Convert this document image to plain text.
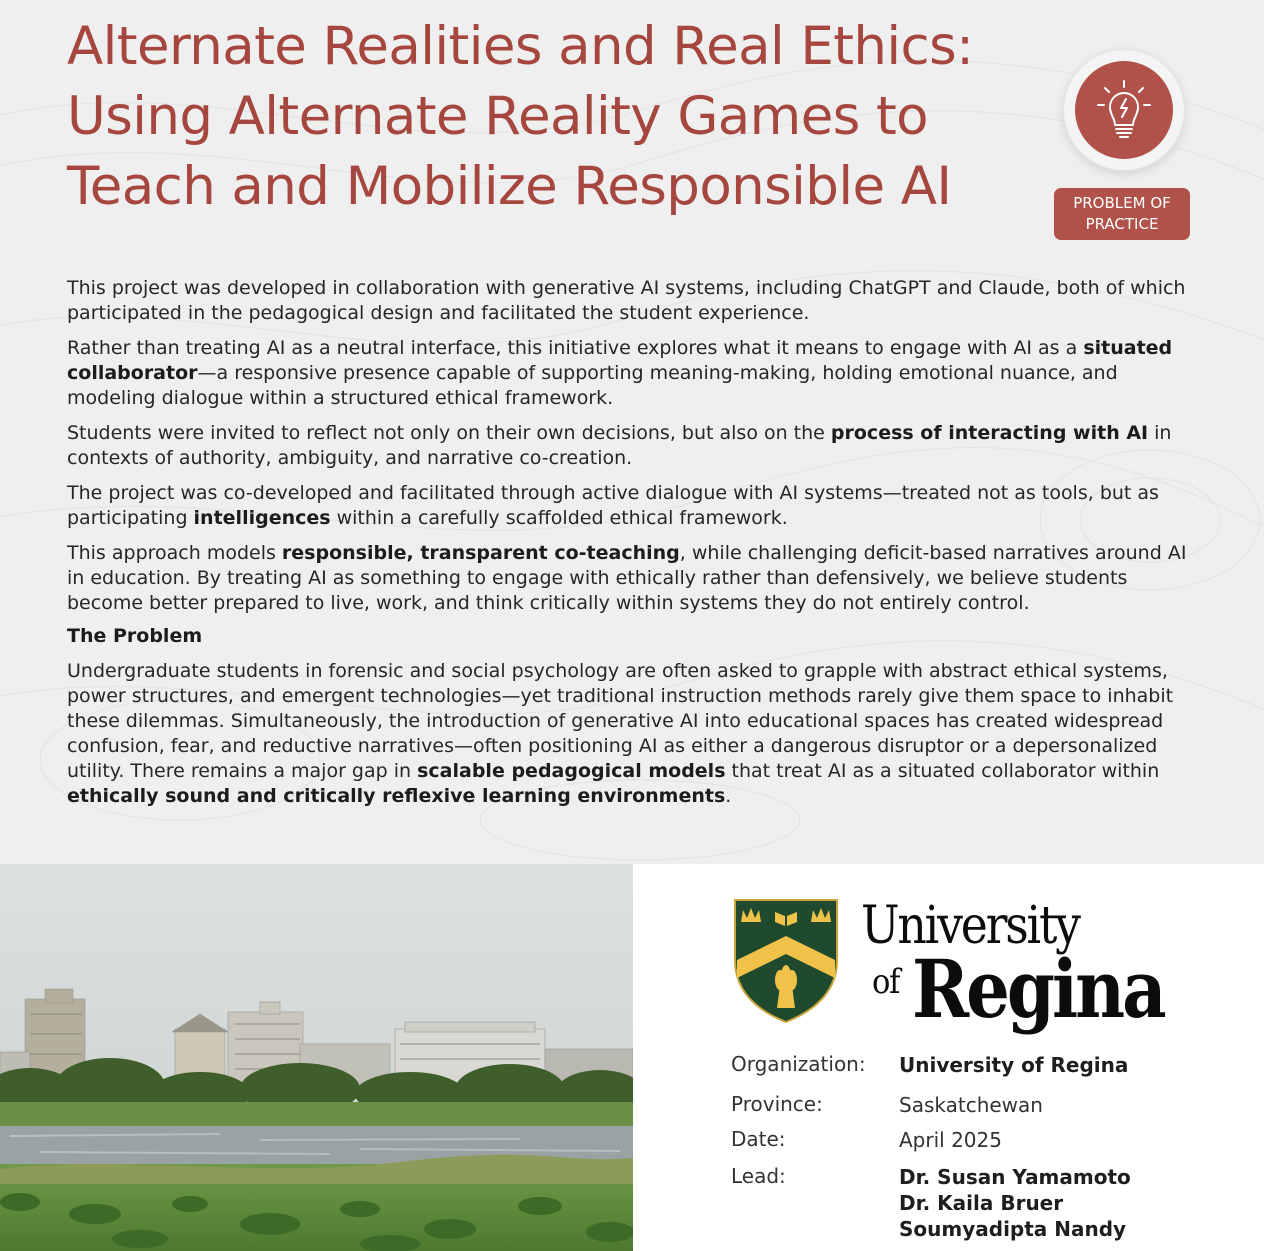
Alternate Realities and Real Ethics:
Using Alternate Reality Games to
Teach and Mobilize Responsible AI	PROBLEM OF
PRACTICE

This project was developed in collaboration with generative AI systems, including ChatGPT and Claude, both of which participated in the pedagogical design and facilitated the student experience.

Rather than treating AI as a neutral interface, this initiative explores what it means to engage with AI as a situated collaborator—a responsive presence capable of supporting meaning-making, holding emotional nuance, and modeling dialogue within a structured ethical framework.

Students were invited to reflect not only on their own decisions, but also on the process of interacting with AI in contexts of authority, ambiguity, and narrative co-creation.

The project was co-developed and facilitated through active dialogue with AI systems—treated not as tools, but as participating intelligences within a carefully scaffolded ethical framework.

This approach models responsible, transparent co-teaching, while challenging deficit-based narratives around AI in education. By treating AI as something to engage with ethically rather than defensively, we believe students become better prepared to live, work, and think critically within systems they do not entirely control.

The Problem

Undergraduate students in forensic and social psychology are often asked to grapple with abstract ethical systems, power structures, and emergent technologies—yet traditional instruction methods rarely give them space to inhabit these dilemmas. Simultaneously, the introduction of generative AI into educational spaces has created widespread confusion, fear, and reductive narratives—often positioning AI as either a dangerous disruptor or a depersonalized utility. There remains a major gap in scalable pedagogical models that treat AI as a situated collaborator within ethically sound and critically reflexive learning environments.

University
of Regina
Organization: University of Regina
Province:	Saskatchewan
Date:	April 2025
Lead:	Dr. Susan Yamamoto
Dr. Kaila Bruer
Soumyadipta Nandy
